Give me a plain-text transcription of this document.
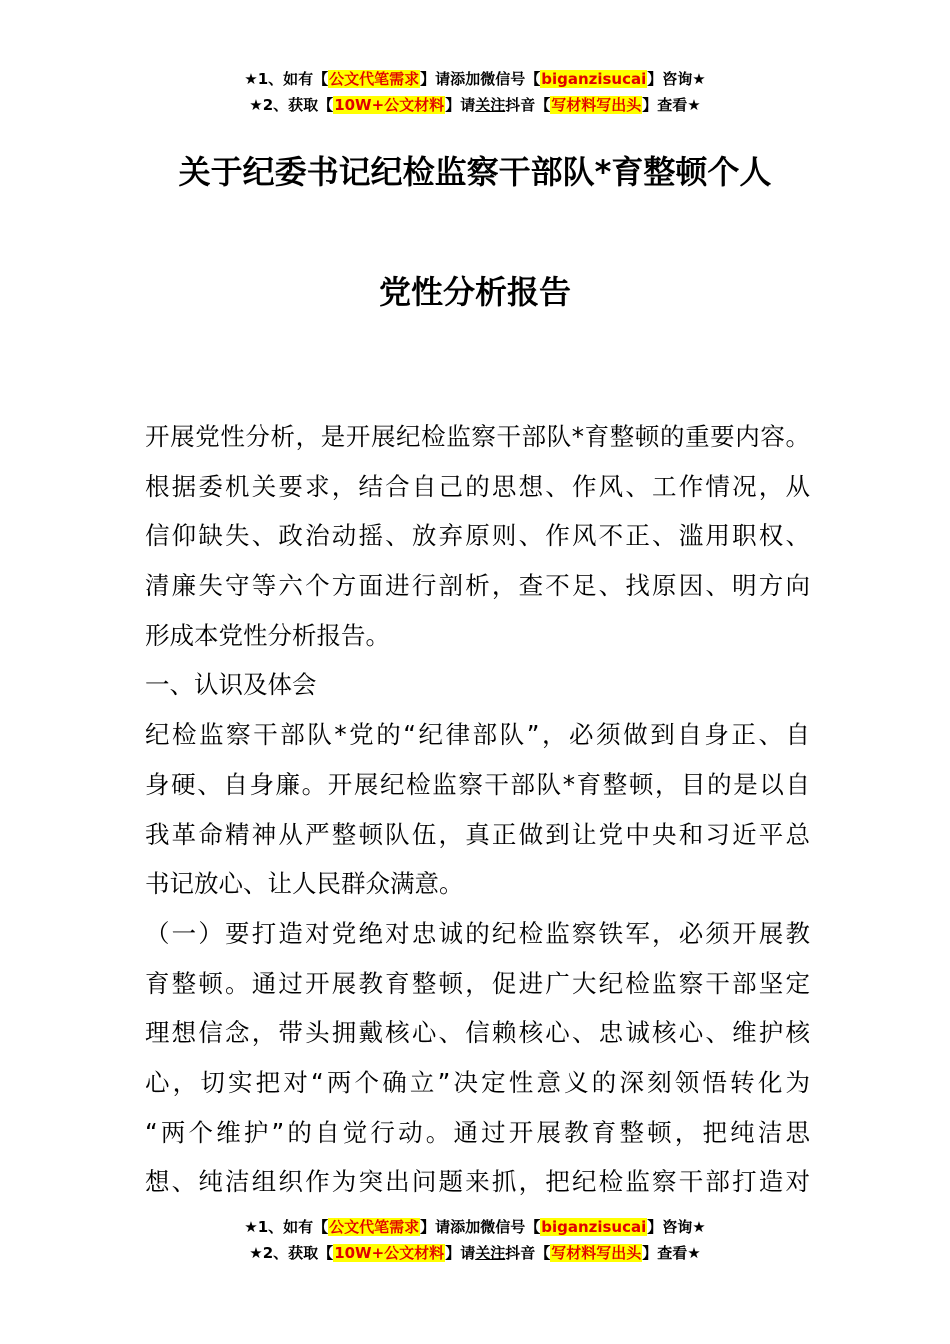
★1、如有【公文代笔需求】请添加微信号【biganzisucai】咨询★
★2、获取【10W+公文材料】请关注抖音【写材料写出头】查看★
关于纪委书记纪检监察干部队*育整顿个人
党性分析报告
开展党性分析，是开展纪检监察干部队*育整顿的重要内容。
根据委机关要求，结合自己的思想、作风、工作情况，从
信仰缺失、政治动摇、放弃原则、作风不正、滥用职权、
清廉失守等六个方面进行剖析，查不足、找原因、明方向
形成本党性分析报告。
一、认识及体会
纪检监察干部队*党的“纪律部队”，必须做到自身正、自
身硬、自身廉。开展纪检监察干部队*育整顿，目的是以自
我革命精神从严整顿队伍，真正做到让党中央和习近平总
书记放心、让人民群众满意。
（一）要打造对党绝对忠诚的纪检监察铁军，必须开展教
育整顿。通过开展教育整顿，促进广大纪检监察干部坚定
理想信念，带头拥戴核心、信赖核心、忠诚核心、维护核
心，切实把对“两个确立”决定性意义的深刻领悟转化为
“两个维护”的自觉行动。通过开展教育整顿，把纯洁思
想、纯洁组织作为突出问题来抓，把纪检监察干部打造对
★1、如有【公文代笔需求】请添加微信号【biganzisucai】咨询★
★2、获取【10W+公文材料】请关注抖音【写材料写出头】查看★
